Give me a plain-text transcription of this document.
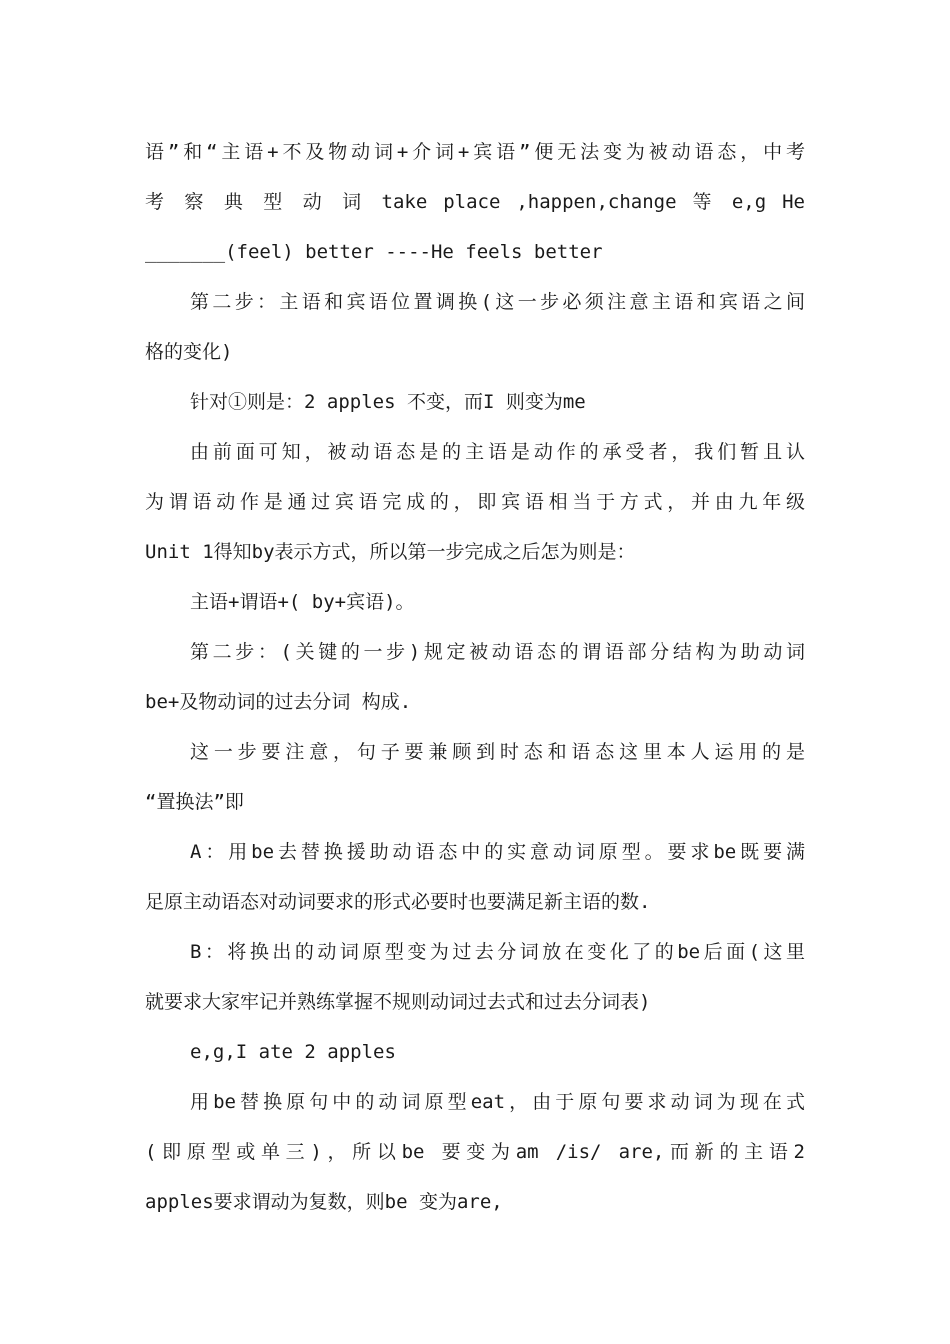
语”和“主语+不及物动词+介词+宾语”便无法变为被动语态，中考
考 察 典 型 动 词 take place ,happen,change 等 e,g He
_______(feel) better ----He feels better
第二步：主语和宾语位置调换(这一步必须注意主语和宾语之间
格的变化)
针对①则是：2 apples 不变，而I 则变为me
由前面可知，被动语态是的主语是动作的承受者，我们暂且认
为谓语动作是通过宾语完成的，即宾语相当于方式，并由九年级
Unit 1得知by表示方式，所以第一步完成之后怎为则是：
主语+谓语+( by+宾语)。
第二步：(关键的一步)规定被动语态的谓语部分结构为助动词
be+及物动词的过去分词 构成.
这一步要注意，句子要兼顾到时态和语态这里本人运用的是
“置换法”即
A：用be去替换援助动语态中的实意动词原型。要求be既要满
足原主动语态对动词要求的形式必要时也要满足新主语的数.
B：将换出的动词原型变为过去分词放在变化了的be后面(这里
就要求大家牢记并熟练掌握不规则动词过去式和过去分词表)
e,g,I ate 2 apples
用be替换原句中的动词原型eat，由于原句要求动词为现在式
(即原型或单三)，所以be 要变为am /is/ are,而新的主语2
apples要求谓动为复数，则be 变为are,
